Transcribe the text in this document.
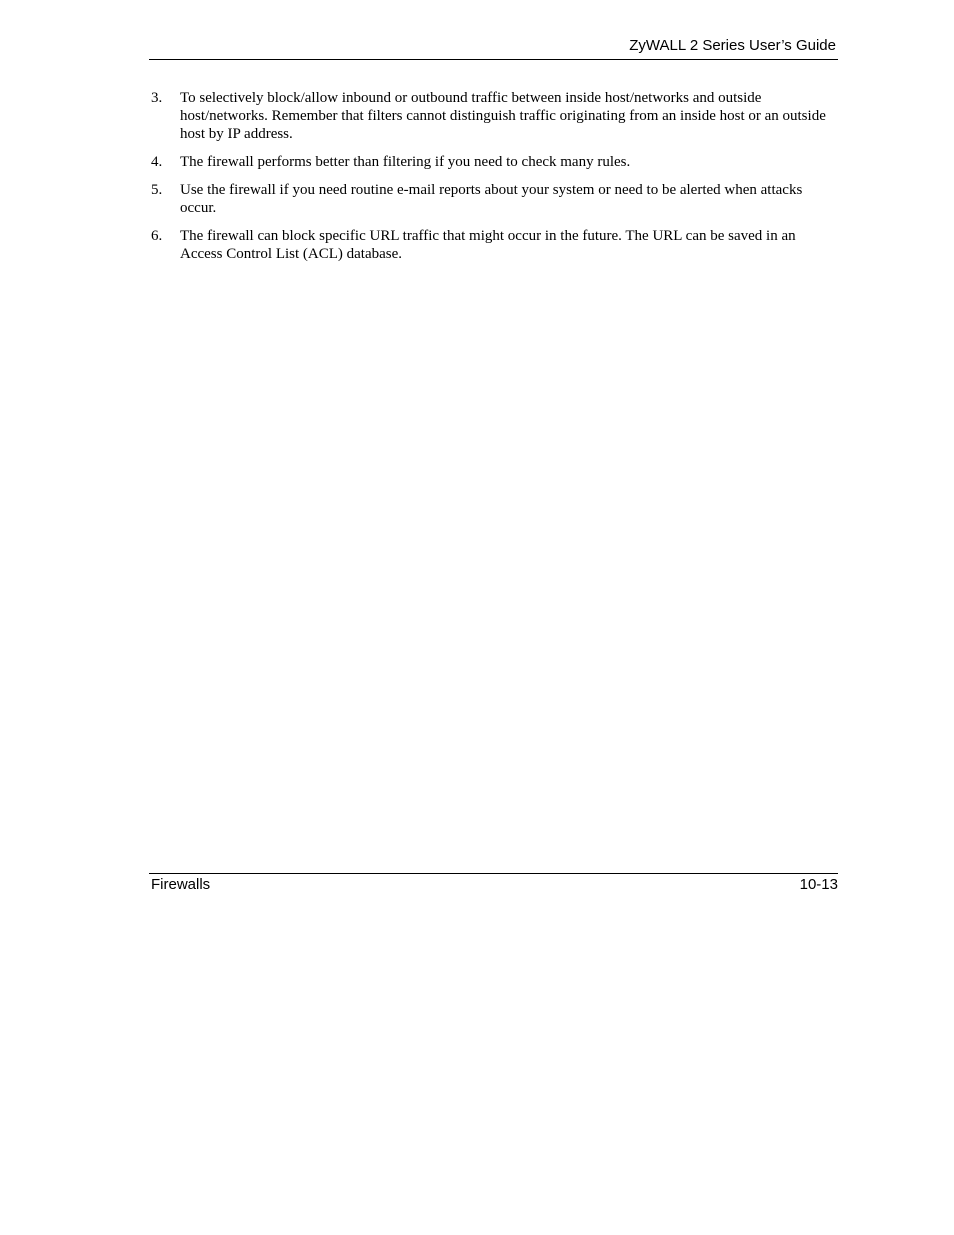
ZyWALL 2 Series User’s Guide
3. To selectively block/allow inbound or outbound traffic between inside host/networks and outside host/networks. Remember that filters cannot distinguish traffic originating from an inside host or an outside host by IP address.
4. The firewall performs better than filtering if you need to check many rules.
5. Use the firewall if you need routine e-mail reports about your system or need to be alerted when attacks occur.
6. The firewall can block specific URL traffic that might occur in the future. The URL can be saved in an Access Control List (ACL) database.
Firewalls	10-13
